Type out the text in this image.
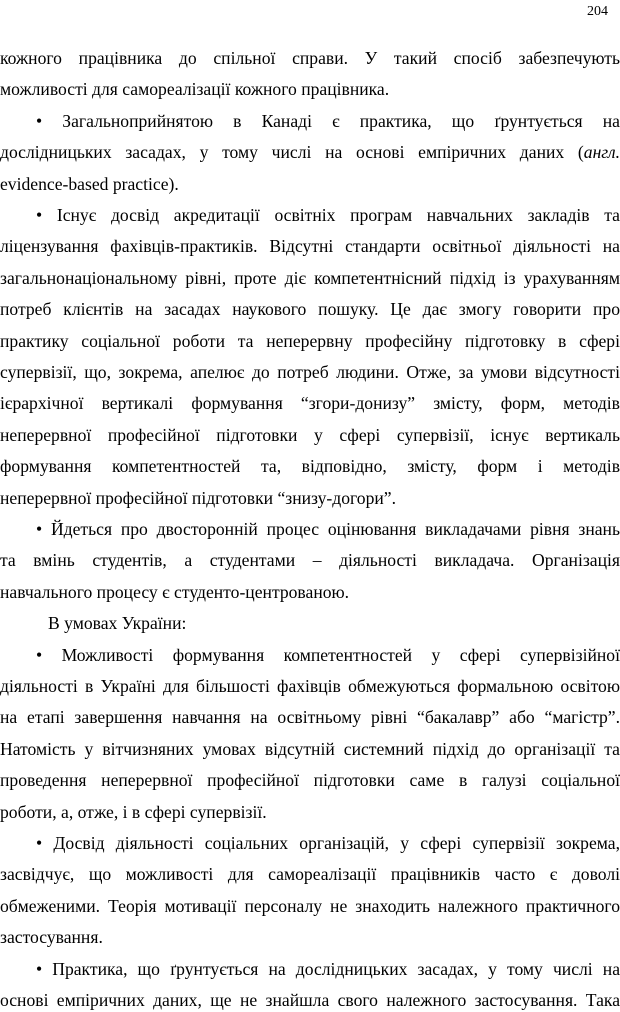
204
кожного працівника до спільної справи. У такий спосіб забезпечують
можливості для самореалізації кожного працівника.
• Загальноприйнятою в Канаді є практика, що ґрунтується на
дослідницьких засадах, у тому числі на основі емпіричних даних (англ.
evidence-based practice).
• Існує досвід акредитації освітніх програм навчальних закладів та
ліцензування фахівців-практиків. Відсутні стандарти освітньої діяльності на
загальнонаціональному рівні, проте діє компетентнісний підхід із урахуванням
потреб клієнтів на засадах наукового пошуку. Це дає змогу говорити про
практику соціальної роботи та неперервну професійну підготовку в сфері
супервізії, що, зокрема, апелює до потреб людини. Отже, за умови відсутності
ієрархічної вертикалі формування “згори-донизу” змісту, форм, методів
неперервної професійної підготовки у сфері супервізії, існує вертикаль
формування компетентностей та, відповідно, змісту, форм і методів
неперервної професійної підготовки “знизу-догори”.
• Йдеться про двосторонній процес оцінювання викладачами рівня знань
та вмінь студентів, а студентами – діяльності викладача. Організація
навчального процесу є студенто-центрованою.
В умовах України:
• Можливості формування компетентностей у сфері супервізійної
діяльності в Україні для більшості фахівців обмежуються формальною освітою
на етапі завершення навчання на освітньому рівні “бакалавр” або “магістр”.
Натомість у вітчизняних умовах відсутній системний підхід до організації та
проведення неперервної професійної підготовки саме в галузі соціальної
роботи, а, отже, і в сфері супервізії.
• Досвід діяльності соціальних організацій, у сфері супервізії зокрема,
засвідчує, що можливості для самореалізації працівників часто є доволі
обмеженими. Теорія мотивації персоналу не знаходить належного практичного
застосування.
• Практика, що ґрунтується на дослідницьких засадах, у тому числі на
основі емпіричних даних, ще не знайшла свого належного застосування. Така
